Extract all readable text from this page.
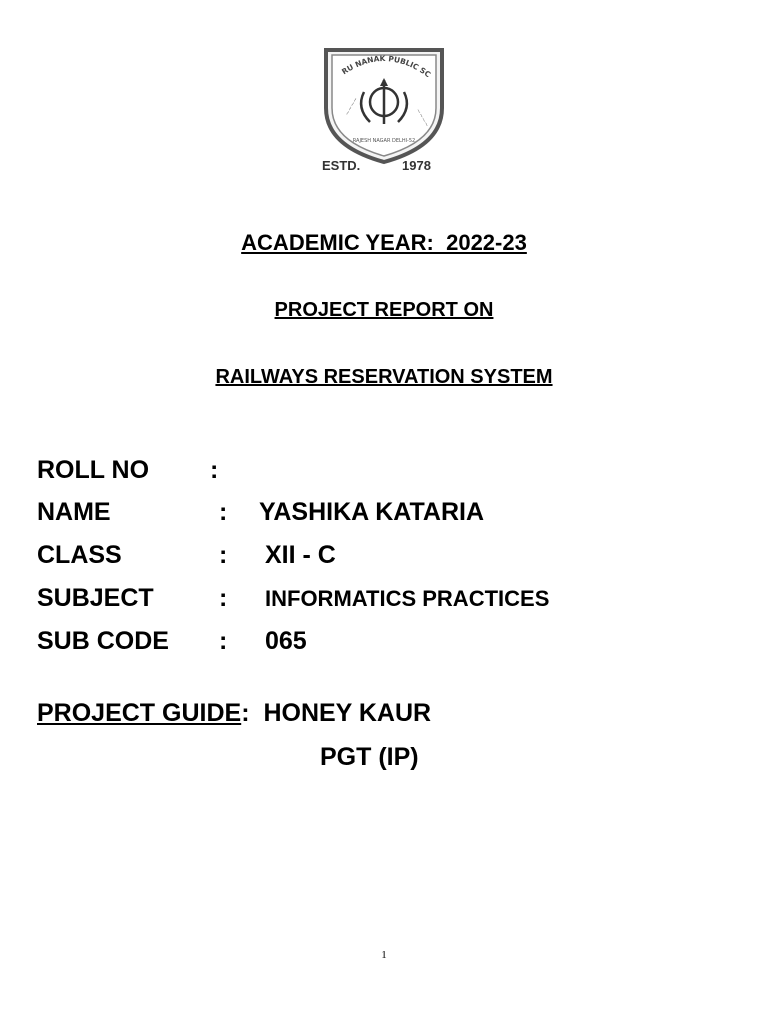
RU NANAK PUBLIC SC
~~~~
~~~~
RAJESH NAGAR DELHI-52
ESTD.	1978
ACADEMIC YEAR:  2022-23
PROJECT REPORT ON
RAILWAYS RESERVATION SYSTEM
ROLL NO :
NAME	: YASHIKA KATARIA
CLASS	: XII - C
SUBJECT	: INFORMATICS PRACTICES
SUB CODE : 065
PROJECT GUIDE: HONEY KAUR
PGT (IP)
1
